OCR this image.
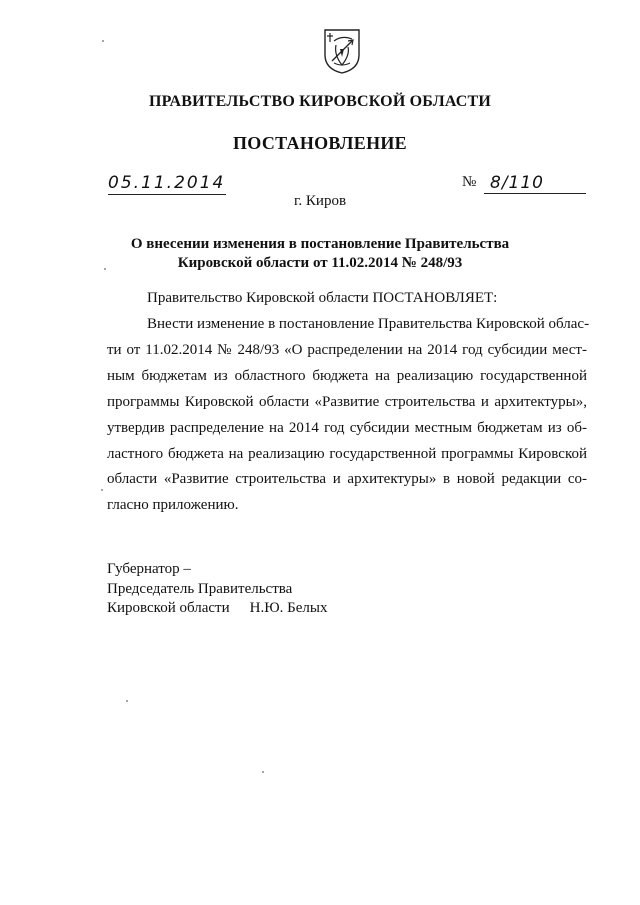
ПРАВИТЕЛЬСТВО КИРОВСКОЙ ОБЛАСТИ
ПОСТАНОВЛЕНИЕ
05.11.2014	№ 8/110
г. Киров
О внесении изменения в постановление Правительства
Кировской области от 11.02.2014 № 248/93
Правительство Кировской области ПОСТАНОВЛЯЕТ:
Внести изменение в постановление Правительства Кировской облас-
ти от 11.02.2014 № 248/93 «О распределении на 2014 год субсидии мест-
ным бюджетам из областного бюджета на реализацию государственной
программы Кировской области «Развитие строительства и архитектуры»,
утвердив распределение на 2014 год субсидии местным бюджетам из об-
ластного бюджета на реализацию государственной программы Кировской
области «Развитие строительства и архитектуры» в новой редакции со-
гласно приложению.
Губернатор –
Председатель Правительства
Кировской области Н.Ю. Белых
